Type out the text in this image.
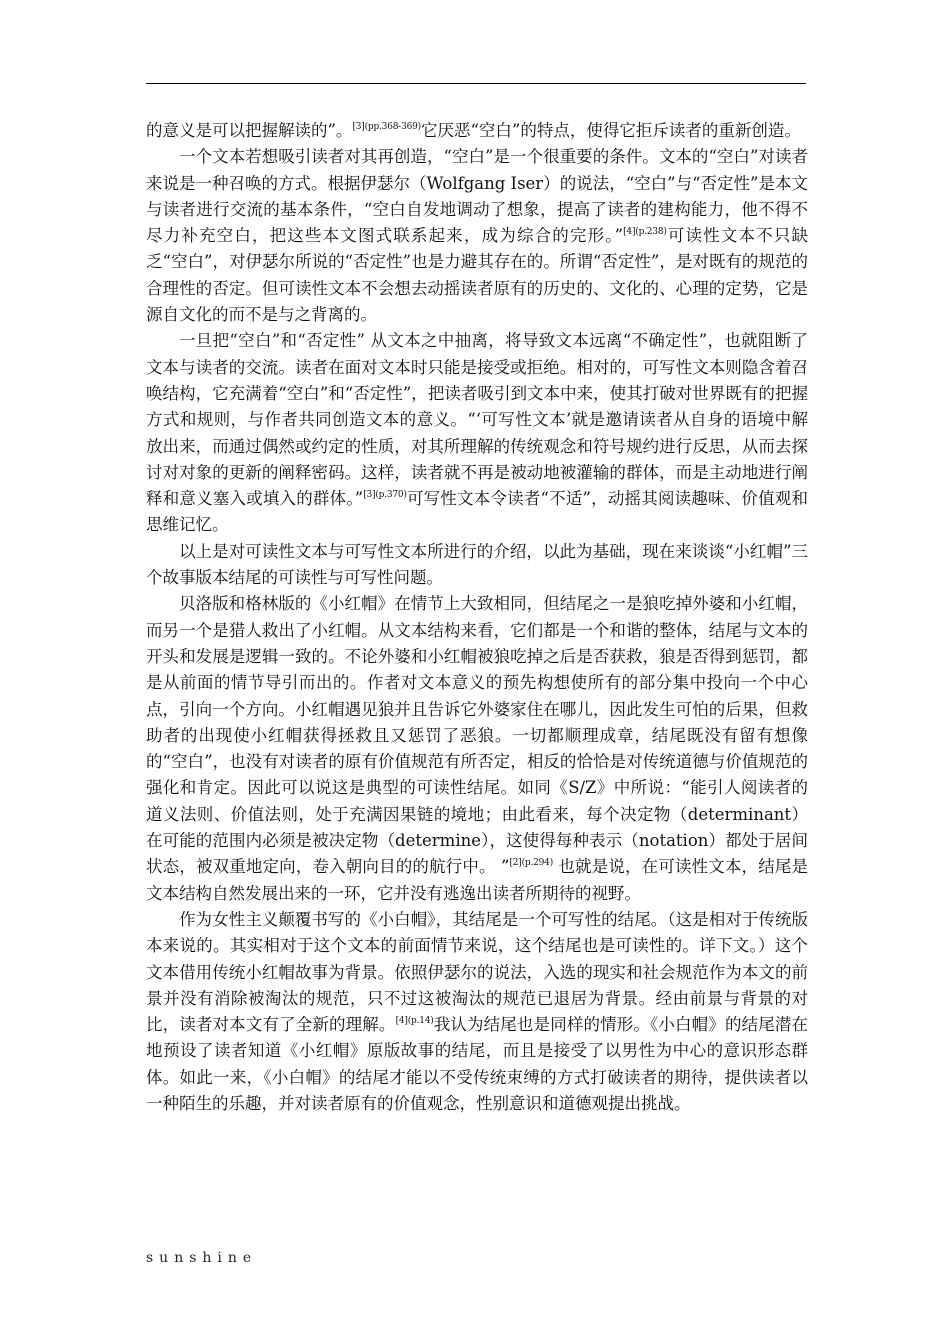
的意义是可以把握解读的”。$^{[3](pp.368-369)}$它厌恶“空白”的特点，使得它拒斥读者的重新创造。

一个文本若想吸引读者对其再创造，“空白”是一个很重要的条件。文本的“空白”对读者来说是一种召唤的方式。根据伊瑟尔（Wolfgang Iser）的说法，“空白”与“否定性”是本文与读者进行交流的基本条件，“空白自发地调动了想象，提高了读者的建构能力，他不得不尽力补充空白，把这些本文图式联系起来，成为综合的完形。”$^{[4](p.238)}$可读性文本不只缺乏“空白”，对伊瑟尔所说的“否定性”也是力避其存在的。所谓“否定性”，是对既有的规范的合理性的否定。但可读性文本不会想去动摇读者原有的历史的、文化的、心理的定势，它是源自文化的而不是与之背离的。

一旦把“空白”和“否定性” 从文本之中抽离，将导致文本远离“不确定性”，也就阻断了文本与读者的交流。读者在面对文本时只能是接受或拒绝。相对的，可写性文本则隐含着召唤结构，它充满着“空白”和“否定性”，把读者吸引到文本中来，使其打破对世界既有的把握方式和规则，与作者共同创造文本的意义。“‘可写性文本’就是邀请读者从自身的语境中解放出来，而通过偶然或约定的性质，对其所理解的传统观念和符号规约进行反思，从而去探讨对对象的更新的阐释密码。这样，读者就不再是被动地被灌输的群体，而是主动地进行阐释和意义塞入或填入的群体。”$^{[3](p.370)}$可写性文本令读者“不适”，动摇其阅读趣味、价值观和思维记忆。

以上是对可读性文本与可写性文本所进行的介绍，以此为基础，现在来谈谈“小红帽”三个故事版本结尾的可读性与可写性问题。

贝洛版和格林版的《小红帽》在情节上大致相同，但结尾之一是狼吃掉外婆和小红帽，而另一个是猎人救出了小红帽。从文本结构来看，它们都是一个和谐的整体，结尾与文本的开头和发展是逻辑一致的。不论外婆和小红帽被狼吃掉之后是否获救，狼是否得到惩罚，都是从前面的情节导引而出的。作者对文本意义的预先构想使所有的部分集中投向一个中心点，引向一个方向。小红帽遇见狼并且告诉它外婆家住在哪儿，因此发生可怕的后果，但救助者的出现使小红帽获得拯救且又惩罚了恶狼。一切都顺理成章，结尾既没有留有想像的“空白”，也没有对读者的原有价值规范有所否定，相反的恰恰是对传统道德与价值规范的强化和肯定。因此可以说这是典型的可读性结尾。如同《S/Z》中所说：“能引人阅读者的道义法则、价值法则，处于充满因果链的境地；由此看来，每个决定物（determinant）在可能的范围内必须是被决定物（determine），这使得每种表示（notation）都处于居间状态，被双重地定向，卷入朝向目的的航行中。 ”$^{[2](p.294)}$ 也就是说，在可读性文本，结尾是文本结构自然发展出来的一环，它并没有逃逸出读者所期待的视野。

作为女性主义颠覆书写的《小白帽》，其结尾是一个可写性的结尾。（这是相对于传统版本来说的。其实相对于这个文本的前面情节来说，这个结尾也是可读性的。详下文。）这个文本借用传统小红帽故事为背景。依照伊瑟尔的说法，入选的现实和社会规范作为本文的前景并没有消除被淘汰的规范，只不过这被淘汰的规范已退居为背景。经由前景与背景的对比，读者对本文有了全新的理解。$^{[4](p.14)}$我认为结尾也是同样的情形。《小白帽》的结尾潜在地预设了读者知道《小红帽》原版故事的结尾，而且是接受了以男性为中心的意识形态群体。如此一来，《小白帽》的结尾才能以不受传统束缚的方式打破读者的期待，提供读者以一种陌生的乐趣，并对读者原有的价值观念，性别意识和道德观提出挑战。

sunshine
